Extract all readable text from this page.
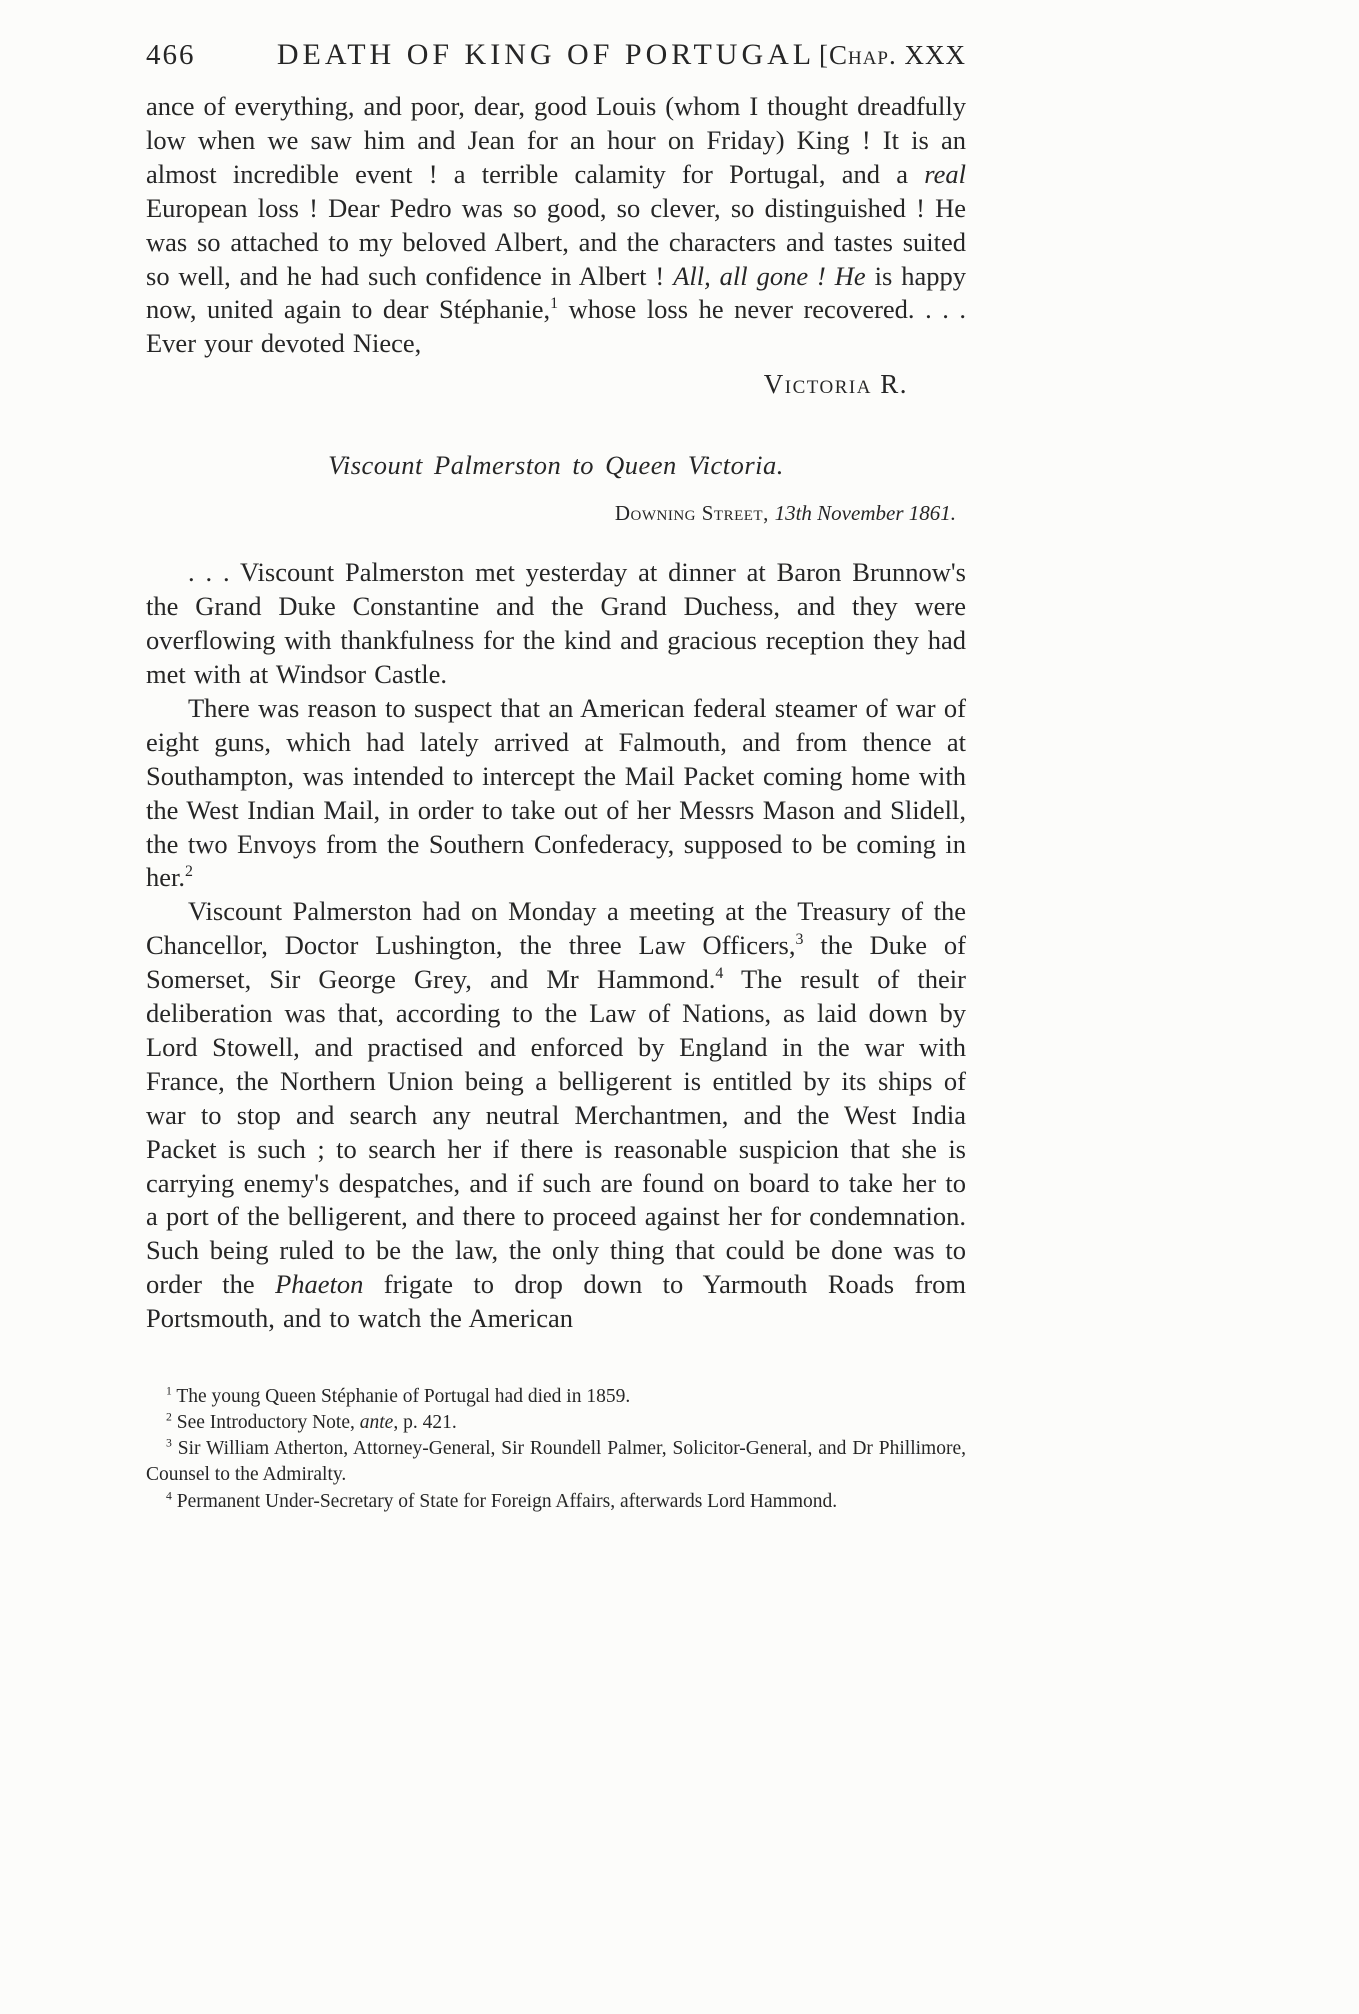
466	DEATH OF KING OF PORTUGAL [Chap. XXX

ance of everything, and poor, dear, good Louis (whom I thought dreadfully low when we saw him and Jean for an hour on Friday) King ! It is an almost incredible event ! a terrible calamity for Portugal, and a real European loss ! Dear Pedro was so good, so clever, so distinguished ! He was so attached to my beloved Albert, and the characters and tastes suited so well, and he had such confidence in Albert ! All, all gone ! He is happy now, united again to dear Stéphanie,$^1$ whose loss he never recovered. . . . Ever your devoted Niece,

Victoria R.

Viscount Palmerston to Queen Victoria.

Downing Street, 13th November 1861.

. . . Viscount Palmerston met yesterday at dinner at Baron Brunnow's the Grand Duke Constantine and the Grand Duchess, and they were overflowing with thankfulness for the kind and gracious reception they had met with at Windsor Castle.

There was reason to suspect that an American federal steamer of war of eight guns, which had lately arrived at Falmouth, and from thence at Southampton, was intended to intercept the Mail Packet coming home with the West Indian Mail, in order to take out of her Messrs Mason and Slidell, the two Envoys from the Southern Confederacy, supposed to be coming in her.$^2$

Viscount Palmerston had on Monday a meeting at the Treasury of the Chancellor, Doctor Lushington, the three Law Officers,$^3$ the Duke of Somerset, Sir George Grey, and Mr Hammond.$^4$ The result of their deliberation was that, according to the Law of Nations, as laid down by Lord Stowell, and practised and enforced by England in the war with France, the Northern Union being a belligerent is entitled by its ships of war to stop and search any neutral Merchantmen, and the West India Packet is such ; to search her if there is reasonable suspicion that she is carrying enemy's despatches, and if such are found on board to take her to a port of the belligerent, and there to proceed against her for condemnation. Such being ruled to be the law, the only thing that could be done was to order the Phaeton frigate to drop down to Yarmouth Roads from Portsmouth, and to watch the American

$^1$ The young Queen Stéphanie of Portugal had died in 1859.

$^2$ See Introductory Note, ante, p. 421.

$^3$ Sir William Atherton, Attorney-General, Sir Roundell Palmer, Solicitor-General, and Dr Phillimore, Counsel to the Admiralty.

$^4$ Permanent Under-Secretary of State for Foreign Affairs, afterwards Lord Hammond.
